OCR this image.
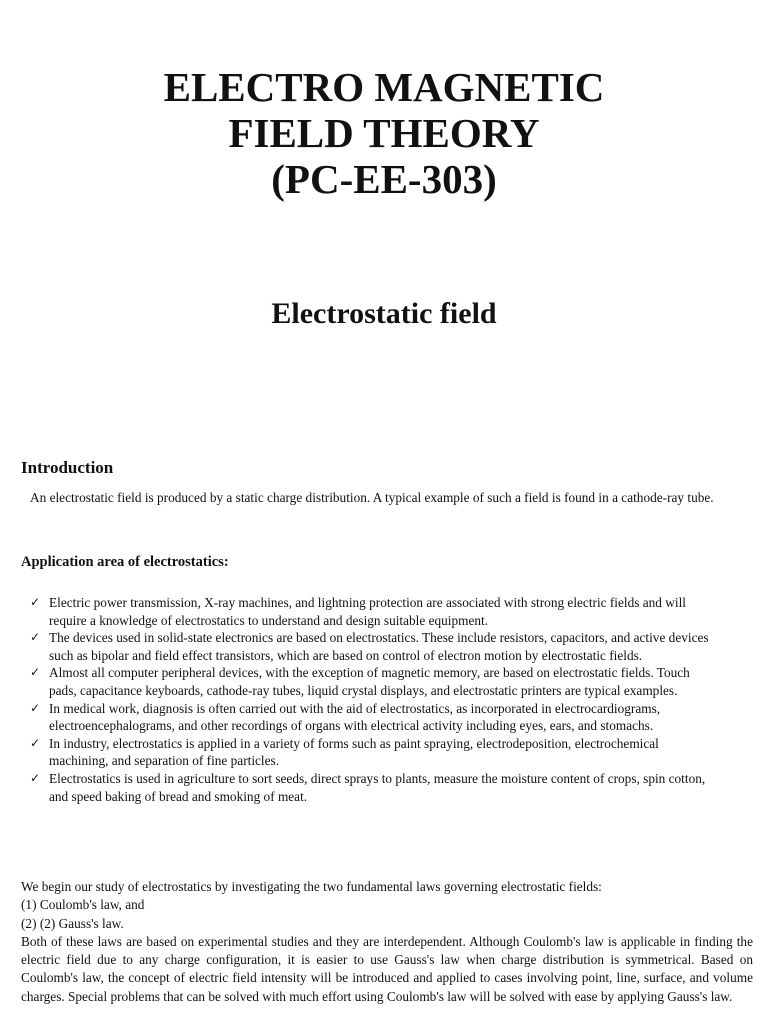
ELECTRO MAGNETIC
FIELD THEORY
(PC-EE-303)
Electrostatic field
Introduction

An electrostatic field is produced by a static charge distribution. A typical example of such a field is found in a cathode-ray tube.

Application area of electrostatics:
✓ Electric power transmission, X-ray machines, and lightning protection are associated with strong electric fields and will require a knowledge of electrostatics to understand and design suitable equipment.
✓ The devices used in solid-state electronics are based on electrostatics. These include resistors, capacitors, and active devices such as bipolar and field effect transistors, which are based on control of electron motion by electrostatic fields.
✓ Almost all computer peripheral devices, with the exception of magnetic memory, are based on electrostatic fields. Touch pads, capacitance keyboards, cathode-ray tubes, liquid crystal displays, and electrostatic printers are typical examples.
✓ In medical work, diagnosis is often carried out with the aid of electrostatics, as incorporated in electrocardiograms, electroencephalograms, and other recordings of organs with electrical activity including eyes, ears, and stomachs.
✓ In industry, electrostatics is applied in a variety of forms such as paint spraying, electrodeposition, electrochemical machining, and separation of fine particles.
✓ Electrostatics is used in agriculture to sort seeds, direct sprays to plants, measure the moisture content of crops, spin cotton, and speed baking of bread and smoking of meat.

We begin our study of electrostatics by investigating the two fundamental laws governing electrostatic fields:

(1) Coulomb's law, and

(2) (2) Gauss's law.

Both of these laws are based on experimental studies and they are interdependent. Although Coulomb's law is applicable in finding the electric field due to any charge configuration, it is easier to use Gauss's law when charge distribution is symmetrical. Based on Coulomb's law, the concept of electric field intensity will be introduced and applied to cases involving point, line, surface, and volume charges. Special problems that can be solved with much effort using Coulomb's law will be solved with ease by applying Gauss's law.
